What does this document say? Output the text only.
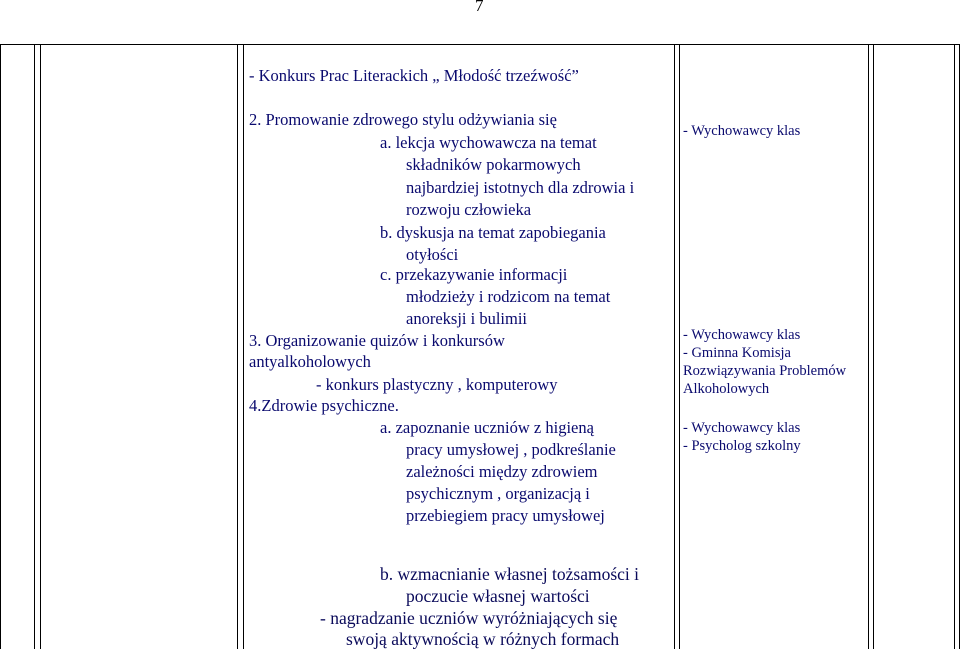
7
- Konkurs Prac Literackich „ Młodość trzeźwość”
2. Promowanie zdrowego stylu odżywiania się
a. lekcja wychowawcza na temat
składników pokarmowych
najbardziej istotnych dla zdrowia i
rozwoju człowieka
b. dyskusja na temat zapobiegania
otyłości
c. przekazywanie informacji
młodzieży i rodzicom na temat
anoreksji i bulimii
3. Organizowanie quizów i konkursów
antyalkoholowych
- konkurs plastyczny , komputerowy
4.Zdrowie psychiczne.
a. zapoznanie uczniów z higieną
pracy umysłowej , podkreślanie
zależności między zdrowiem
psychicznym , organizacją i
przebiegiem pracy umysłowej
b. wzmacnianie własnej tożsamości i
poczucie własnej wartości
- nagradzanie uczniów wyróżniających się
swoją aktywnością w różnych formach
- Wychowawcy klas
- Wychowawcy klas
- Gminna Komisja
Rozwiązywania Problemów
Alkoholowych
- Wychowawcy klas
- Psycholog szkolny
